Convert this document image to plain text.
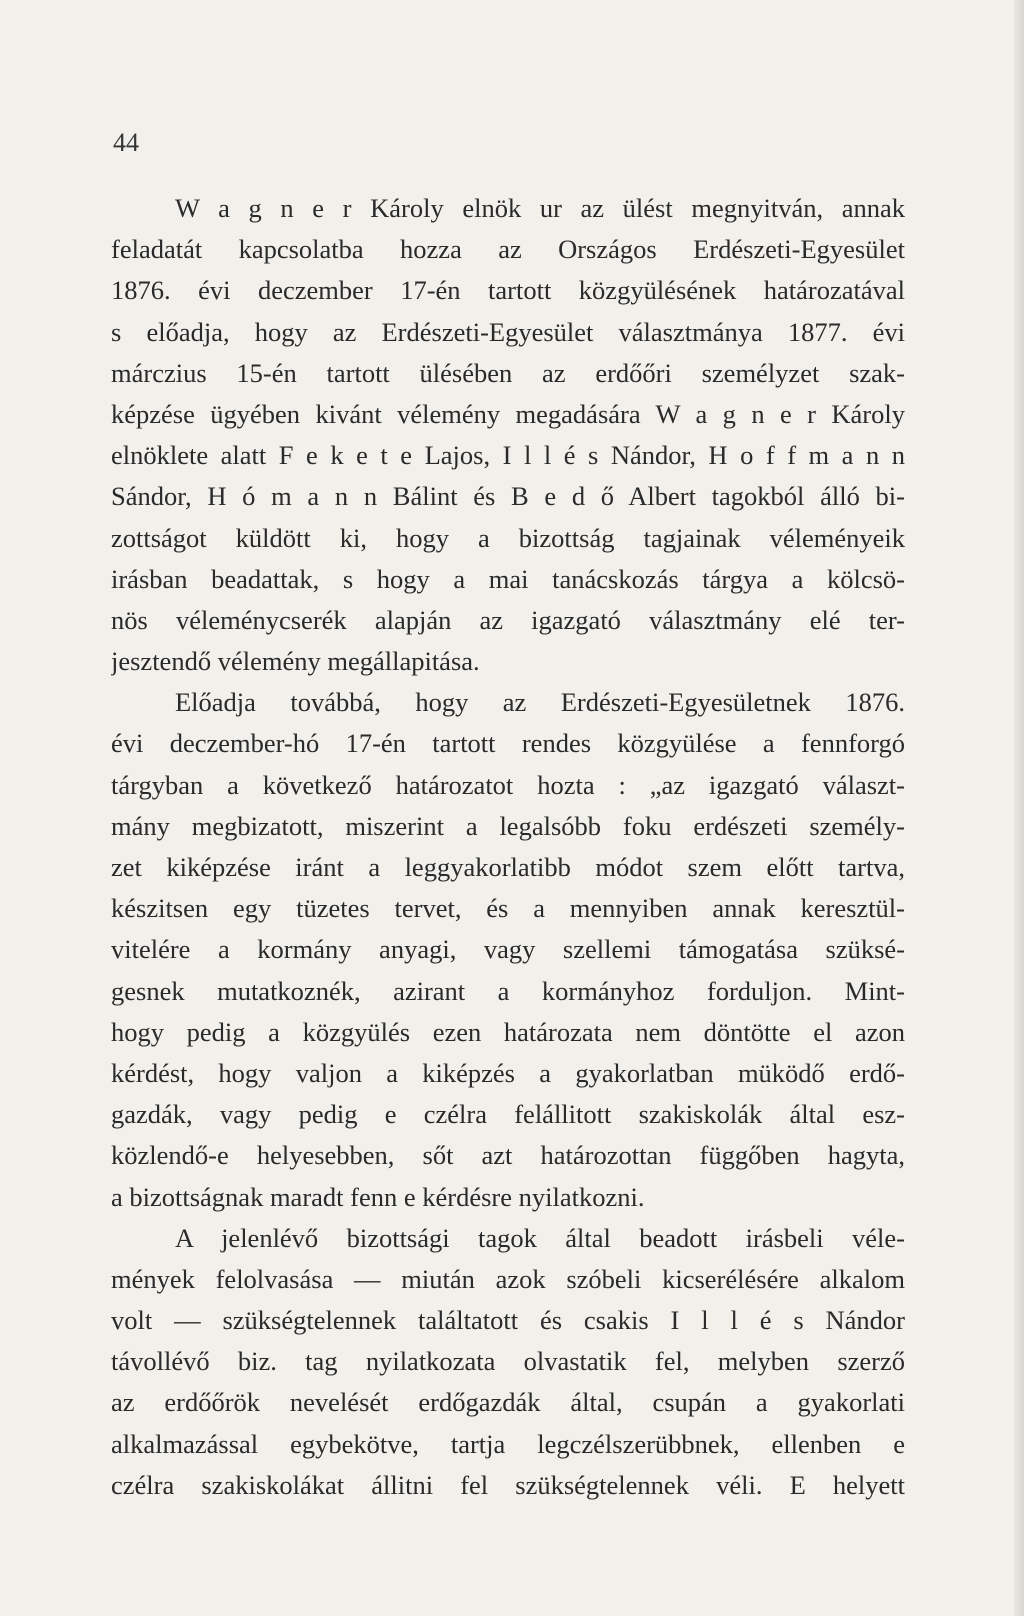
44
W a g n e r Károly elnök ur az ülést megnyitván, annak
feladatát kapcsolatba hozza az Országos Erdészeti-Egyesület
1876. évi deczember 17-én tartott közgyülésének határozatával
s előadja, hogy az Erdészeti-Egyesület választmánya 1877. évi
márczius 15-én tartott ülésében az erdőőri személyzet szak-
képzése ügyében kivánt vélemény megadására W a g n e r Károly
elnöklete alatt F e k e t e Lajos, I l l é s Nándor, H o f f m a n n
Sándor, H ó m a n n Bálint és B e d ő Albert tagokból álló bi-
zottságot küldött ki, hogy a bizottság tagjainak véleményeik
irásban beadattak, s hogy a mai tanácskozás tárgya a kölcsö-
nös véleménycserék alapján az igazgató választmány elé ter-
jesztendő vélemény megállapitása.
Előadja továbbá, hogy az Erdészeti-Egyesületnek 1876.
évi deczember-hó 17-én tartott rendes közgyülése a fennforgó
tárgyban a következő határozatot hozta : „az igazgató választ-
mány megbizatott, miszerint a legalsóbb foku erdészeti személy-
zet kiképzése iránt a leggyakorlatibb módot szem előtt tartva,
készitsen egy tüzetes tervet, és a mennyiben annak keresztül-
vitelére a kormány anyagi, vagy szellemi támogatása szüksé-
gesnek mutatkoznék, azirant a kormányhoz forduljon. Mint-
hogy pedig a közgyülés ezen határozata nem döntötte el azon
kérdést, hogy valjon a kiképzés a gyakorlatban müködő erdő-
gazdák, vagy pedig e czélra felállitott szakiskolák által esz-
közlendő-e helyesebben, sőt azt határozottan függőben hagyta,
a bizottságnak maradt fenn e kérdésre nyilatkozni.
A jelenlévő bizottsági tagok által beadott irásbeli véle-
mények felolvasása — miután azok szóbeli kicserélésére alkalom
volt — szükségtelennek találtatott és csakis I l l é s Nándor
távollévő biz. tag nyilatkozata olvastatik fel, melyben szerző
az erdőőrök nevelését erdőgazdák által, csupán a gyakorlati
alkalmazással egybekötve, tartja legczélszerübbnek, ellenben e
czélra szakiskolákat állitni fel szükségtelennek véli. E helyett
